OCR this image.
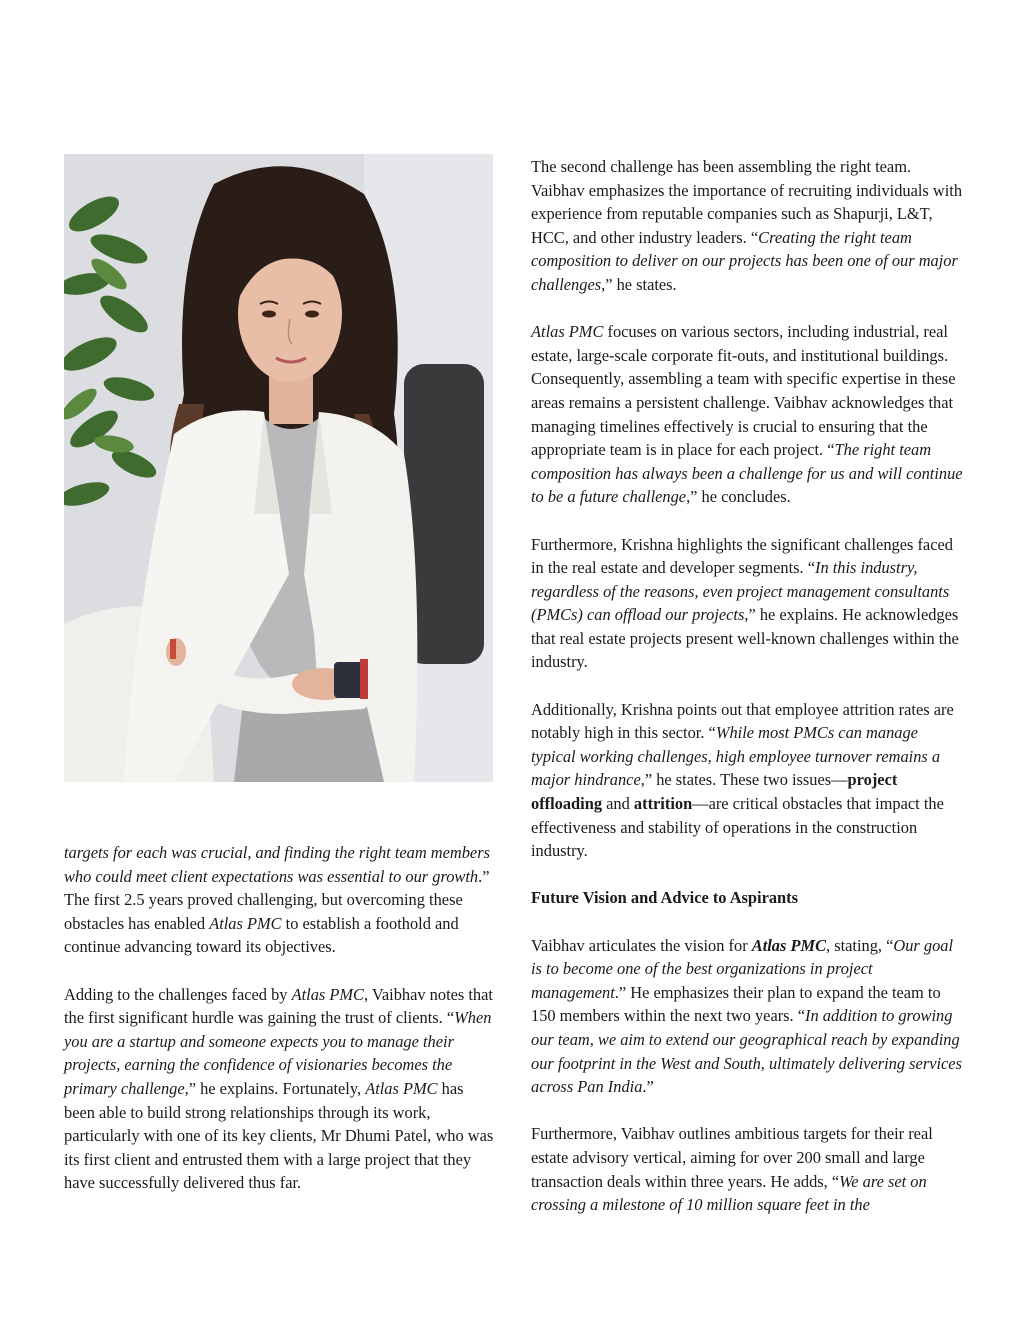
targets for each was crucial, and finding the right team members who could meet client expectations was essential to our growth.” The first 2.5 years proved challenging, but overcoming these obstacles has enabled Atlas PMC to establish a foothold and continue advancing toward its objectives.

Adding to the challenges faced by Atlas PMC, Vaibhav notes that the first significant hurdle was gaining the trust of clients. “When you are a startup and someone expects you to manage their projects, earning the confidence of visionaries becomes the primary challenge,” he explains. Fortunately, Atlas PMC has been able to build strong relationships through its work, particularly with one of its key clients, Mr Dhumi Patel, who was its first client and entrusted them with a large project that they have successfully delivered thus far.

The second challenge has been assembling the right team. Vaibhav emphasizes the importance of recruiting individuals with experience from reputable companies such as Shapurji, L&T, HCC, and other industry leaders. “Creating the right team composition to deliver on our projects has been one of our major challenges,” he states.

Atlas PMC focuses on various sectors, including industrial, real estate, large-scale corporate fit-outs, and institutional buildings. Consequently, assembling a team with specific expertise in these areas remains a persistent challenge. Vaibhav acknowledges that managing timelines effectively is crucial to ensuring that the appropriate team is in place for each project. “The right team composition has always been a challenge for us and will continue to be a future challenge,” he concludes.

Furthermore, Krishna highlights the significant challenges faced in the real estate and developer segments. “In this industry, regardless of the reasons, even project management consultants (PMCs) can offload our projects,” he explains. He acknowledges that real estate projects present well-known challenges within the industry.

Additionally, Krishna points out that employee attrition rates are notably high in this sector. “While most PMCs can manage typical working challenges, high employee turnover remains a major hindrance,” he states. These two issues—project offloading and attrition—are critical obstacles that impact the effectiveness and stability of operations in the construction industry.

Future Vision and Advice to Aspirants

Vaibhav articulates the vision for Atlas PMC, stating, “Our goal is to become one of the best organizations in project management.” He emphasizes their plan to expand the team to 150 members within the next two years. “In addition to growing our team, we aim to extend our geographical reach by expanding our footprint in the West and South, ultimately delivering services across Pan India.”

Furthermore, Vaibhav outlines ambitious targets for their real estate advisory vertical, aiming for over 200 small and large transaction deals within three years. He adds, “We are set on crossing a milestone of 10 million square feet in the
